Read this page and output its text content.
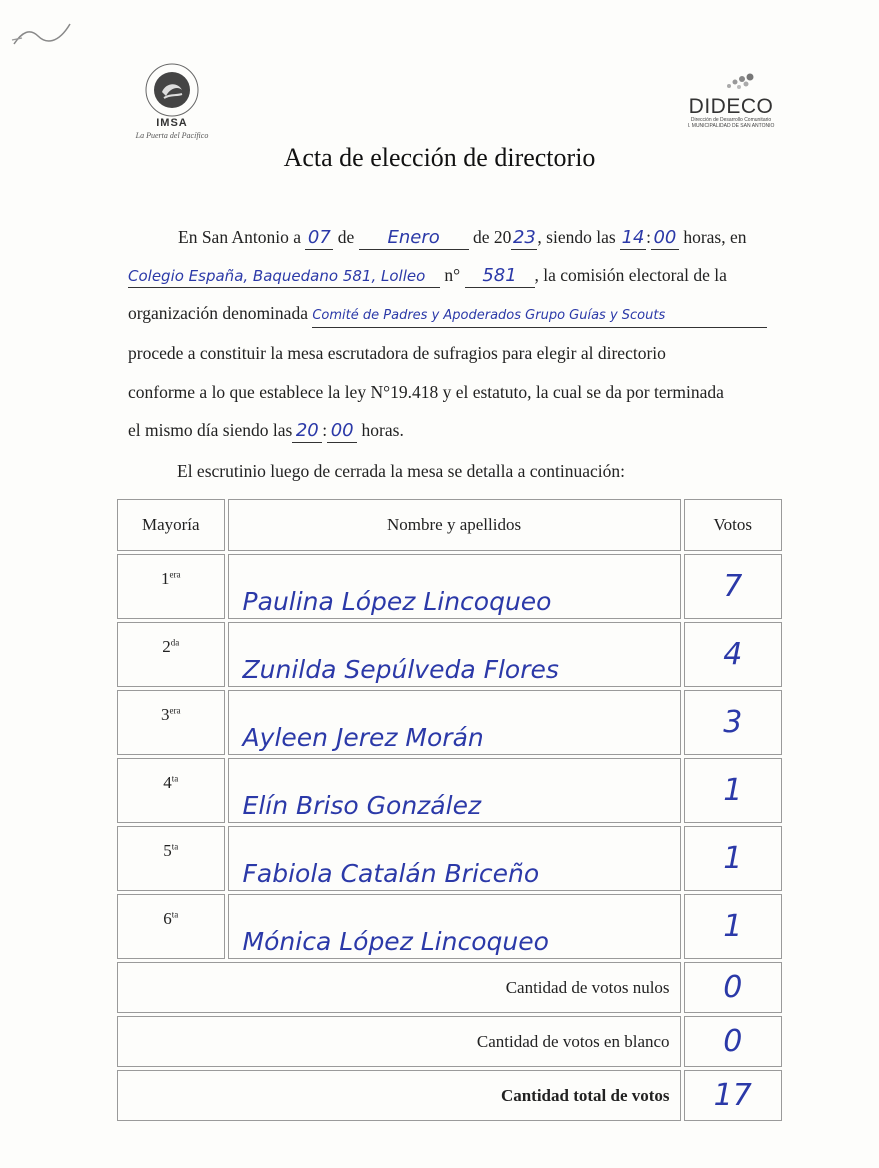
IMSA
La Puerta del Pacífico
DIDECO
Dirección de Desarrollo Comunitario
I. MUNICIPALIDAD DE SAN ANTONIO
Acta de elección de directorio
En San Antonio a 07 de Enero de 2023, siendo las 14: 00 horas, en
Colegio España, Baquedano 581, Lolleo n° 581 , la comisión electoral de la
organización denominada Comité de Padres y Apoderados Grupo Guías y Scouts
procede a constituir la mesa escrutadora de sufragios para elegir al directorio
conforme a lo que establece la ley N°19.418 y el estatuto, la cual se da por terminada
el mismo día siendo las 20 : 00 horas.
El escrutinio luego de cerrada la mesa se detalla a continuación:
Mayoría	Nombre y apellidos	Votos
$1^{era}$	Paulina López Lincoqueo	7
$2^{da}$	Zunilda Sepúlveda Flores	4
$3^{era}$	Ayleen Jerez Morán	3
$4^{ta}$	Elín Briso González	1
$5^{ta}$	Fabiola Catalán Briceño	1
$6^{ta}$	Mónica López Lincoqueo	1
Cantidad de votos nulos		0
Cantidad de votos en blanco		0
Cantidad total de votos		17
